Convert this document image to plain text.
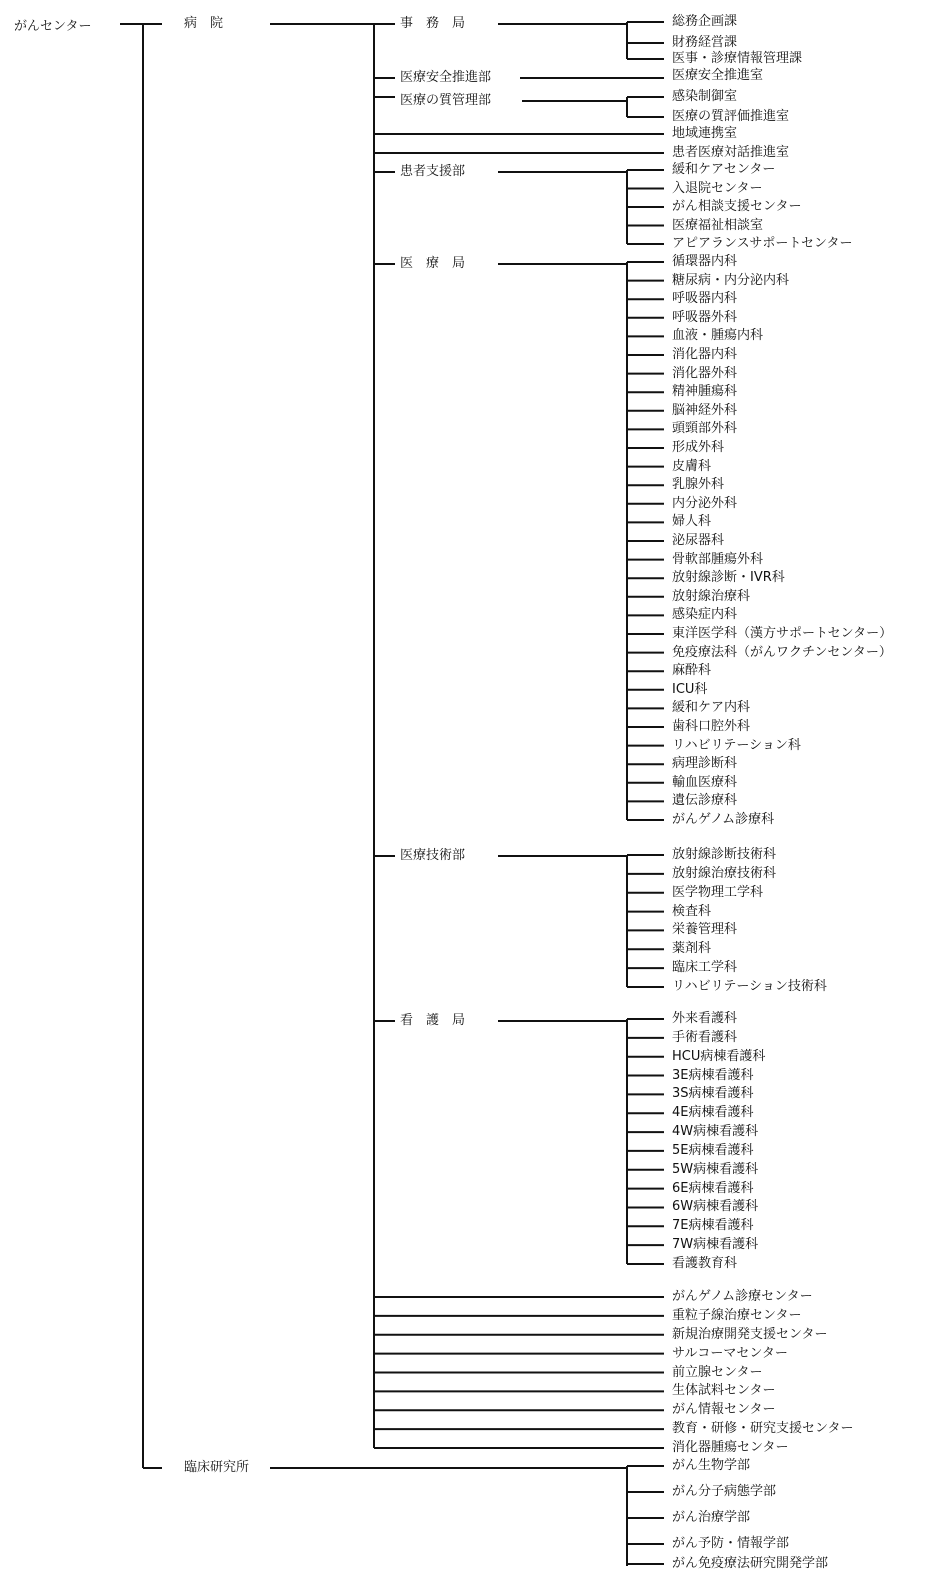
がんセンター	病　院
臨床研究所
事　務　局	総務企画課
財務経営課
医事・診療情報管理課
医療安全推進部	医療安全推進室
医療の質管理部	感染制御室
医療の質評価推進室
地域連携室
患者医療対話推進室
患者支援部	緩和ケアセンター
入退院センター
がん相談支援センター
医療福祉相談室
アピアランスサポートセンター
医　療　局	循環器内科
糖尿病・内分泌内科
呼吸器内科
呼吸器外科
血液・腫瘍内科
消化器内科
消化器外科
精神腫瘍科
脳神経外科
頭頸部外科
形成外科
皮膚科
乳腺外科
内分泌外科
婦人科
泌尿器科
骨軟部腫瘍外科
放射線診断・IVR科
放射線治療科
感染症内科
東洋医学科（漢方サポートセンター）
免疫療法科（がんワクチンセンター）
麻酔科
ICU科
緩和ケア内科
歯科口腔外科
リハビリテーション科
病理診断科
輸血医療科
遺伝診療科
がんゲノム診療科
医療技術部	放射線診断技術科
放射線治療技術科
医学物理工学科
検査科
栄養管理科
薬剤科
臨床工学科
リハビリテーション技術科
看　護　局	外来看護科
手術看護科
HCU病棟看護科
3E病棟看護科
3S病棟看護科
4E病棟看護科
4W病棟看護科
5E病棟看護科
5W病棟看護科
6E病棟看護科
6W病棟看護科
7E病棟看護科
7W病棟看護科
看護教育科
がんゲノム診療センター
重粒子線治療センター
新規治療開発支援センター
サルコーマセンター
前立腺センター
生体試料センター
がん情報センター
教育・研修・研究支援センター
消化器腫瘍センター
がん生物学部
がん分子病態学部
がん治療学部
がん予防・情報学部
がん免疫療法研究開発学部
